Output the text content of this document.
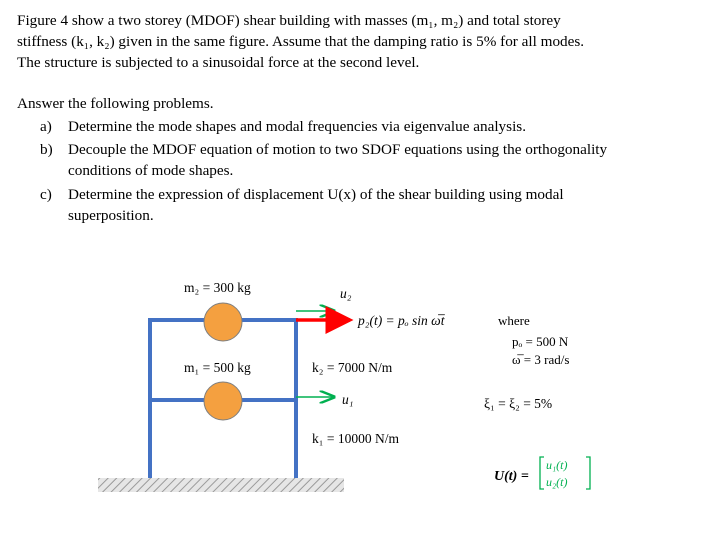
Figure 4 show a two storey (MDOF) shear building with masses (m₁, m₂) and total storey
stiffness (k₁, k₂) given in the same figure. Assume that the damping ratio is 5% for all modes.
The structure is subjected to a sinusoidal force at the second level.
Answer the following problems.
a) Determine the mode shapes and modal frequencies via eigenvalue analysis.
b) Decouple the MDOF equation of motion to two SDOF equations using the orthogonality
conditions of mode shapes.
c) Determine the expression of displacement U(x) of the shear building using modal
superposition.
m₂ = 300 kg
m₁ = 500 kg
u₂
u₁
p₂(t) = pₒ sin ω̅t
k₂ = 7000 N/m
k₁ = 10000 N/m
where
pₒ = 500 N
ω̅ = 3 rad/s
ξ₁ = ξ₂ = 5%
U(t) =
u₁(t)
u₂(t)
